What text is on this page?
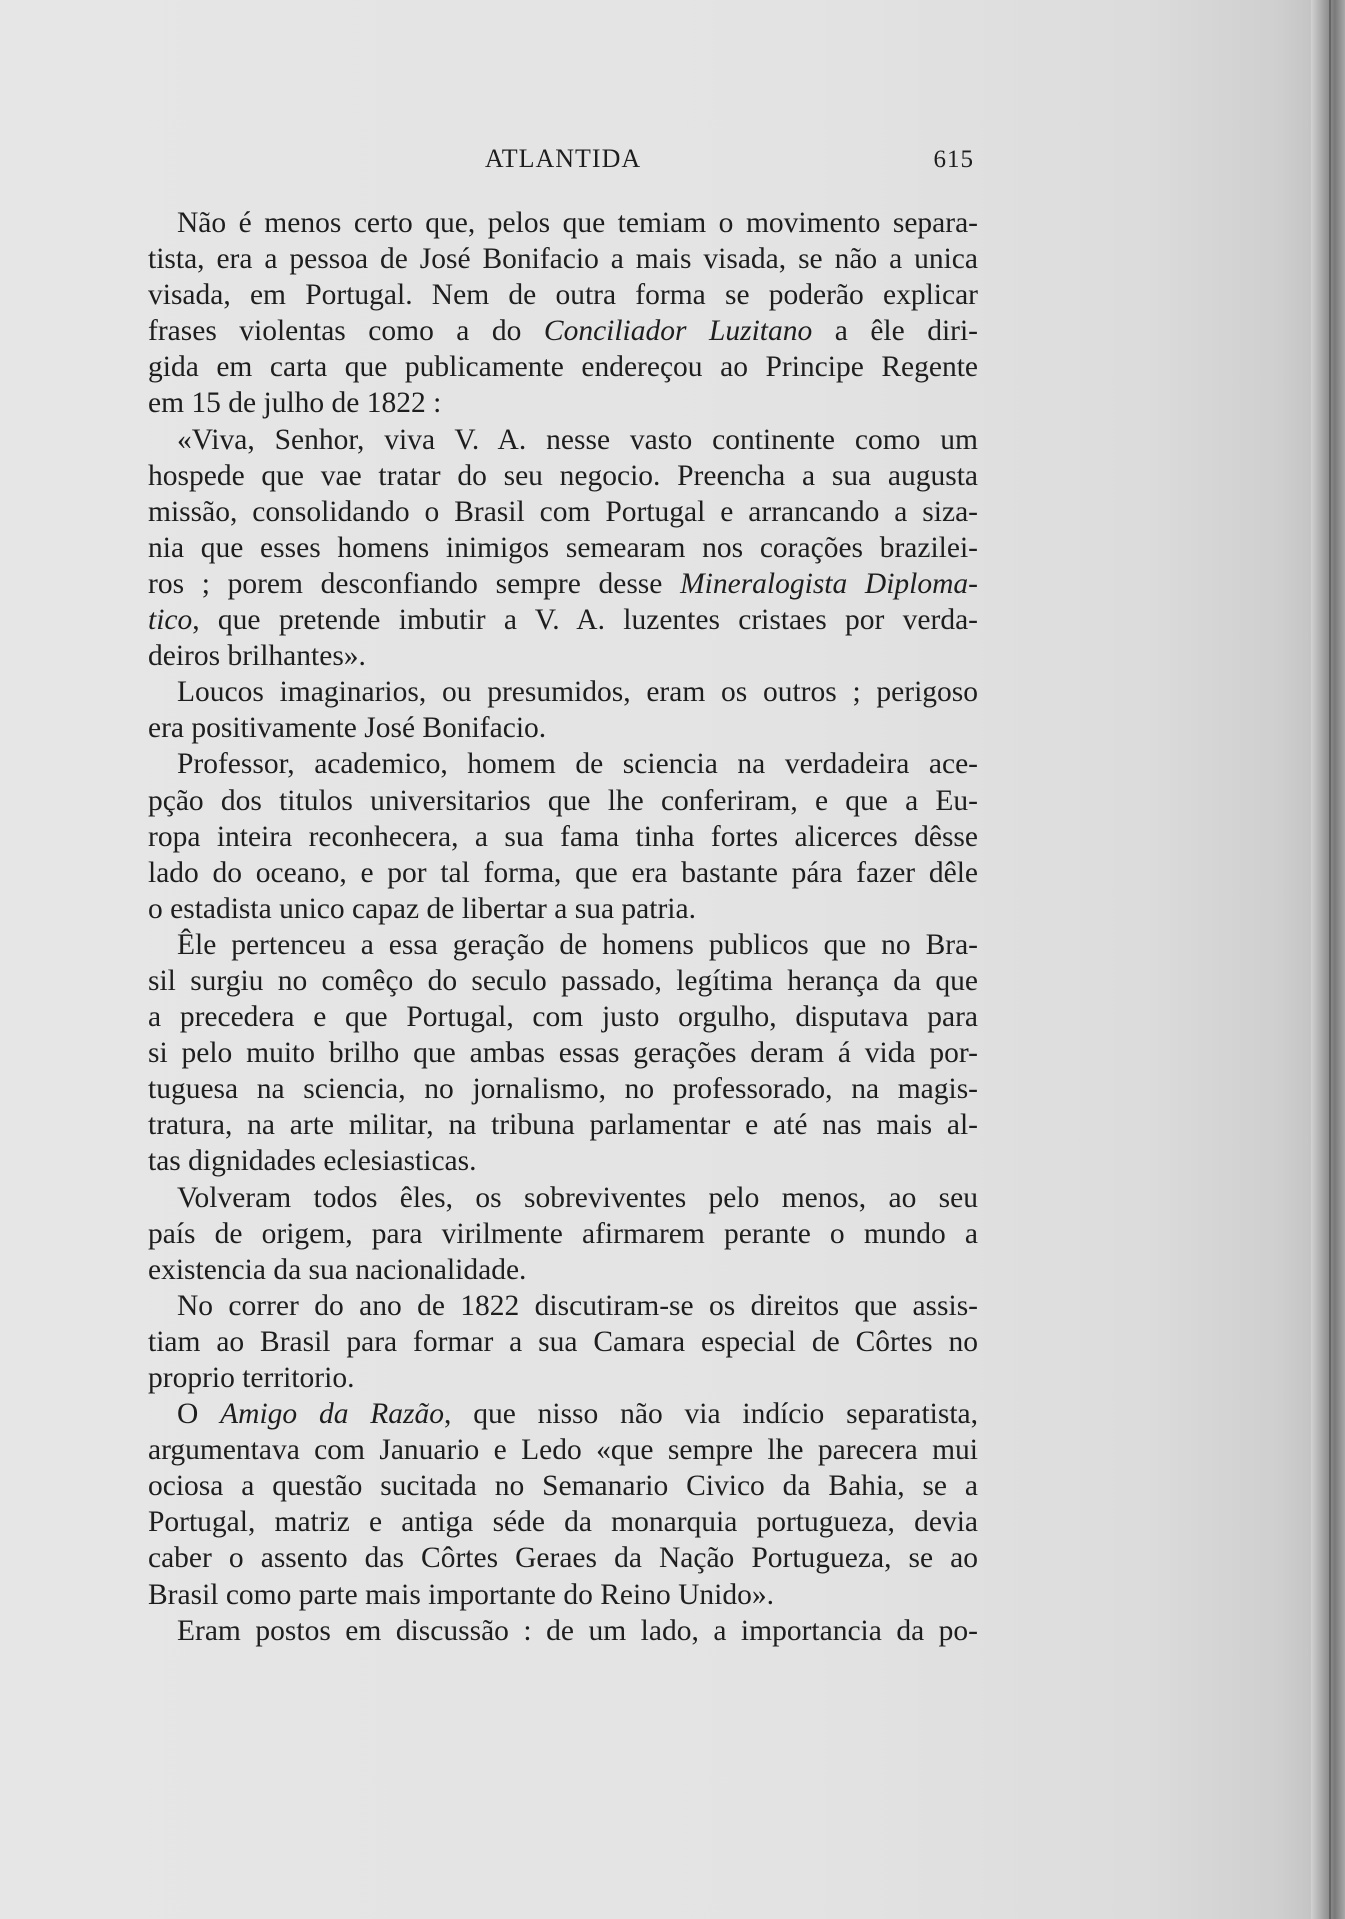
ATLANTIDA	615
Não é menos certo que, pelos que temiam o movimento separa-
tista, era a pessoa de José Bonifacio a mais visada, se não a unica
visada, em Portugal. Nem de outra forma se poderão explicar
frases violentas como a do Conciliador Luzitano a êle diri-
gida em carta que publicamente endereçou ao Principe Regente
em 15 de julho de 1822 :
«Viva, Senhor, viva V. A. nesse vasto continente como um
hospede que vae tratar do seu negocio. Preencha a sua augusta
missão, consolidando o Brasil com Portugal e arrancando a siza-
nia que esses homens inimigos semearam nos corações brazilei-
ros ; porem desconfiando sempre desse Mineralogista Diploma-
tico, que pretende imbutir a V. A. luzentes cristaes por verda-
deiros brilhantes».
Loucos imaginarios, ou presumidos, eram os outros ; perigoso
era positivamente José Bonifacio.
Professor, academico, homem de sciencia na verdadeira ace-
pção dos titulos universitarios que lhe conferiram, e que a Eu-
ropa inteira reconhecera, a sua fama tinha fortes alicerces dêsse
lado do oceano, e por tal forma, que era bastante pára fazer dêle
o estadista unico capaz de libertar a sua patria.
Êle pertenceu a essa geração de homens publicos que no Bra-
sil surgiu no comêço do seculo passado, legítima herança da que
a precedera e que Portugal, com justo orgulho, disputava para
si pelo muito brilho que ambas essas gerações deram á vida por-
tuguesa na sciencia, no jornalismo, no professorado, na magis-
tratura, na arte militar, na tribuna parlamentar e até nas mais al-
tas dignidades eclesiasticas.
Volveram todos êles, os sobreviventes pelo menos, ao seu
país de origem, para virilmente afirmarem perante o mundo a
existencia da sua nacionalidade.
No correr do ano de 1822 discutiram-se os direitos que assis-
tiam ao Brasil para formar a sua Camara especial de Côrtes no
proprio territorio.
O Amigo da Razão, que nisso não via indício separatista,
argumentava com Januario e Ledo «que sempre lhe parecera mui
ociosa a questão sucitada no Semanario Civico da Bahia, se a
Portugal, matriz e antiga séde da monarquia portugueza, devia
caber o assento das Côrtes Geraes da Nação Portugueza, se ao
Brasil como parte mais importante do Reino Unido».
Eram postos em discussão : de um lado, a importancia da po-
